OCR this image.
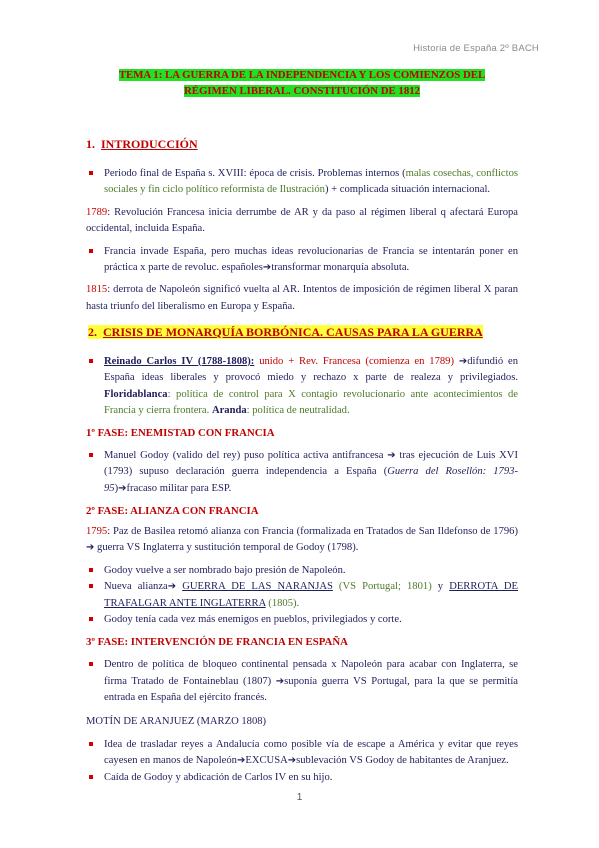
Historia de España 2º BACH
TEMA 1: LA GUERRA DE LA INDEPENDENCIA Y LOS COMIENZOS DEL
RÉGIMEN LIBERAL. CONSTITUCIÓN DE 1812
1. INTRODUCCIÓN
Periodo final de España s. XVIII: época de crisis. Problemas internos (malas cosechas, conflictos sociales y fin ciclo político reformista de Ilustración) + complicada situación internacional.
1789: Revolución Francesa inicia derrumbe de AR y da paso al régimen liberal q afectará Europa occidental, incluida España.
Francia invade España, pero muchas ideas revolucionarias de Francia se intentarán poner en práctica x parte de revoluc. españoles➔transformar monarquía absoluta.
1815: derrota de Napoleón significó vuelta al AR. Intentos de imposición de régimen liberal X paran hasta triunfo del liberalismo en Europa y España.
2. CRISIS DE MONARQUÍA BORBÓNICA. CAUSAS PARA LA GUERRA
Reinado Carlos IV (1788-1808): unido + Rev. Francesa (comienza en 1789) ➔difundió en España ideas liberales y provocó miedo y rechazo x parte de realeza y privilegiados. Floridablanca: política de control para X contagio revolucionario ante acontecimientos de Francia y cierra frontera. Aranda: política de neutralidad.
1º FASE: ENEMISTAD CON FRANCIA
Manuel Godoy (valido del rey) puso política activa antifrancesa ➔ tras ejecución de Luis XVI (1793) supuso declaración guerra independencia a España (Guerra del Rosellón: 1793-95)➔fracaso militar para ESP.
2º FASE: ALIANZA CON FRANCIA
1795: Paz de Basilea retomó alianza con Francia (formalizada en Tratados de San Ildefonso de 1796) ➔ guerra VS Inglaterra y sustitución temporal de Godoy (1798).
Godoy vuelve a ser nombrado bajo presión de Napoleón.
Nueva alianza➔ GUERRA DE LAS NARANJAS (VS Portugal; 1801) y DERROTA DE TRAFALGAR ANTE INGLATERRA (1805).
Godoy tenía cada vez más enemigos en pueblos, privilegiados y corte.
3º FASE: INTERVENCIÓN DE FRANCIA EN ESPAÑA
Dentro de política de bloqueo continental pensada x Napoleón para acabar con Inglaterra, se firma Tratado de Fontaineblau (1807) ➔suponía guerra VS Portugal, para la que se permitía entrada en España del ejército francés.
MOTÍN DE ARANJUEZ (MARZO 1808)
Idea de trasladar reyes a Andalucía como posible vía de escape a América y evitar que reyes cayesen en manos de Napoleón➔EXCUSA➔sublevación VS Godoy de habitantes de Aranjuez.
Caída de Godoy y abdicación de Carlos IV en su hijo.
1
